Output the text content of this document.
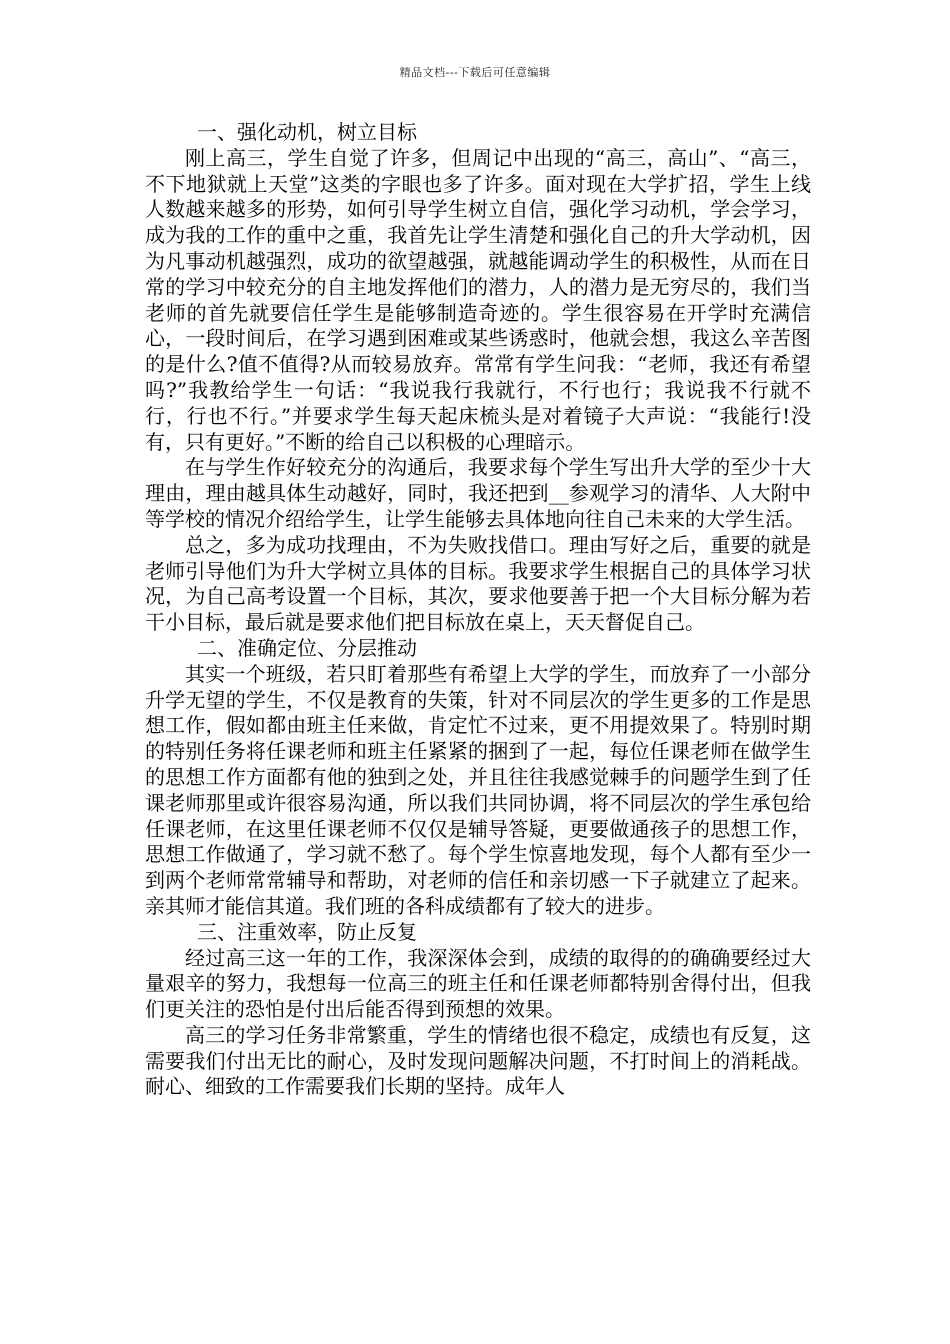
精品文档---下载后可任意编辑

一、强化动机，树立目标

刚上高三，学生自觉了许多，但周记中出现的“高三，高山”、“高三，不下地狱就上天堂”这类的字眼也多了许多。面对现在大学扩招，学生上线人数越来越多的形势，如何引导学生树立自信，强化学习动机，学会学习，成为我的工作的重中之重，我首先让学生清楚和强化自己的升大学动机，因为凡事动机越强烈，成功的欲望越强，就越能调动学生的积极性，从而在日常的学习中较充分的自主地发挥他们的潜力，人的潜力是无穷尽的，我们当老师的首先就要信任学生是能够制造奇迹的。学生很容易在开学时充满信心，一段时间后，在学习遇到困难或某些诱惑时，他就会想，我这么辛苦图的是什么?值不值得?从而较易放弃。常常有学生问我：“老师，我还有希望吗?”我教给学生一句话：“我说我行我就行，不行也行；我说我不行就不行，行也不行。”并要求学生每天起床梳头是对着镜子大声说：“我能行!没有，只有更好。”不断的给自己以积极的心理暗示。

在与学生作好较充分的沟通后，我要求每个学生写出升大学的至少十大理由，理由越具体生动越好，同时，我还把到__参观学习的清华、人大附中等学校的情况介绍给学生，让学生能够去具体地向往自己未来的大学生活。

总之，多为成功找理由，不为失败找借口。理由写好之后，重要的就是老师引导他们为升大学树立具体的目标。我要求学生根据自己的具体学习状况，为自己高考设置一个目标，其次，要求他要善于把一个大目标分解为若干小目标，最后就是要求他们把目标放在桌上，天天督促自己。

二、准确定位、分层推动

其实一个班级，若只盯着那些有希望上大学的学生，而放弃了一小部分升学无望的学生，不仅是教育的失策，针对不同层次的学生更多的工作是思想工作，假如都由班主任来做，肯定忙不过来，更不用提效果了。特别时期的特别任务将任课老师和班主任紧紧的捆到了一起，每位任课老师在做学生的思想工作方面都有他的独到之处，并且往往我感觉棘手的问题学生到了任课老师那里或许很容易沟通，所以我们共同协调，将不同层次的学生承包给任课老师，在这里任课老师不仅仅是辅导答疑，更要做通孩子的思想工作，思想工作做通了，学习就不愁了。每个学生惊喜地发现，每个人都有至少一到两个老师常常辅导和帮助，对老师的信任和亲切感一下子就建立了起来。亲其师才能信其道。我们班的各科成绩都有了较大的进步。

三、注重效率，防止反复

经过高三这一年的工作，我深深体会到，成绩的取得的的确确要经过大量艰辛的努力，我想每一位高三的班主任和任课老师都特别舍得付出，但我们更关注的恐怕是付出后能否得到预想的效果。

高三的学习任务非常繁重，学生的情绪也很不稳定，成绩也有反复，这需要我们付出无比的耐心，及时发现问题解决问题，不打时间上的消耗战。耐心、细致的工作需要我们长期的坚持。成年人
